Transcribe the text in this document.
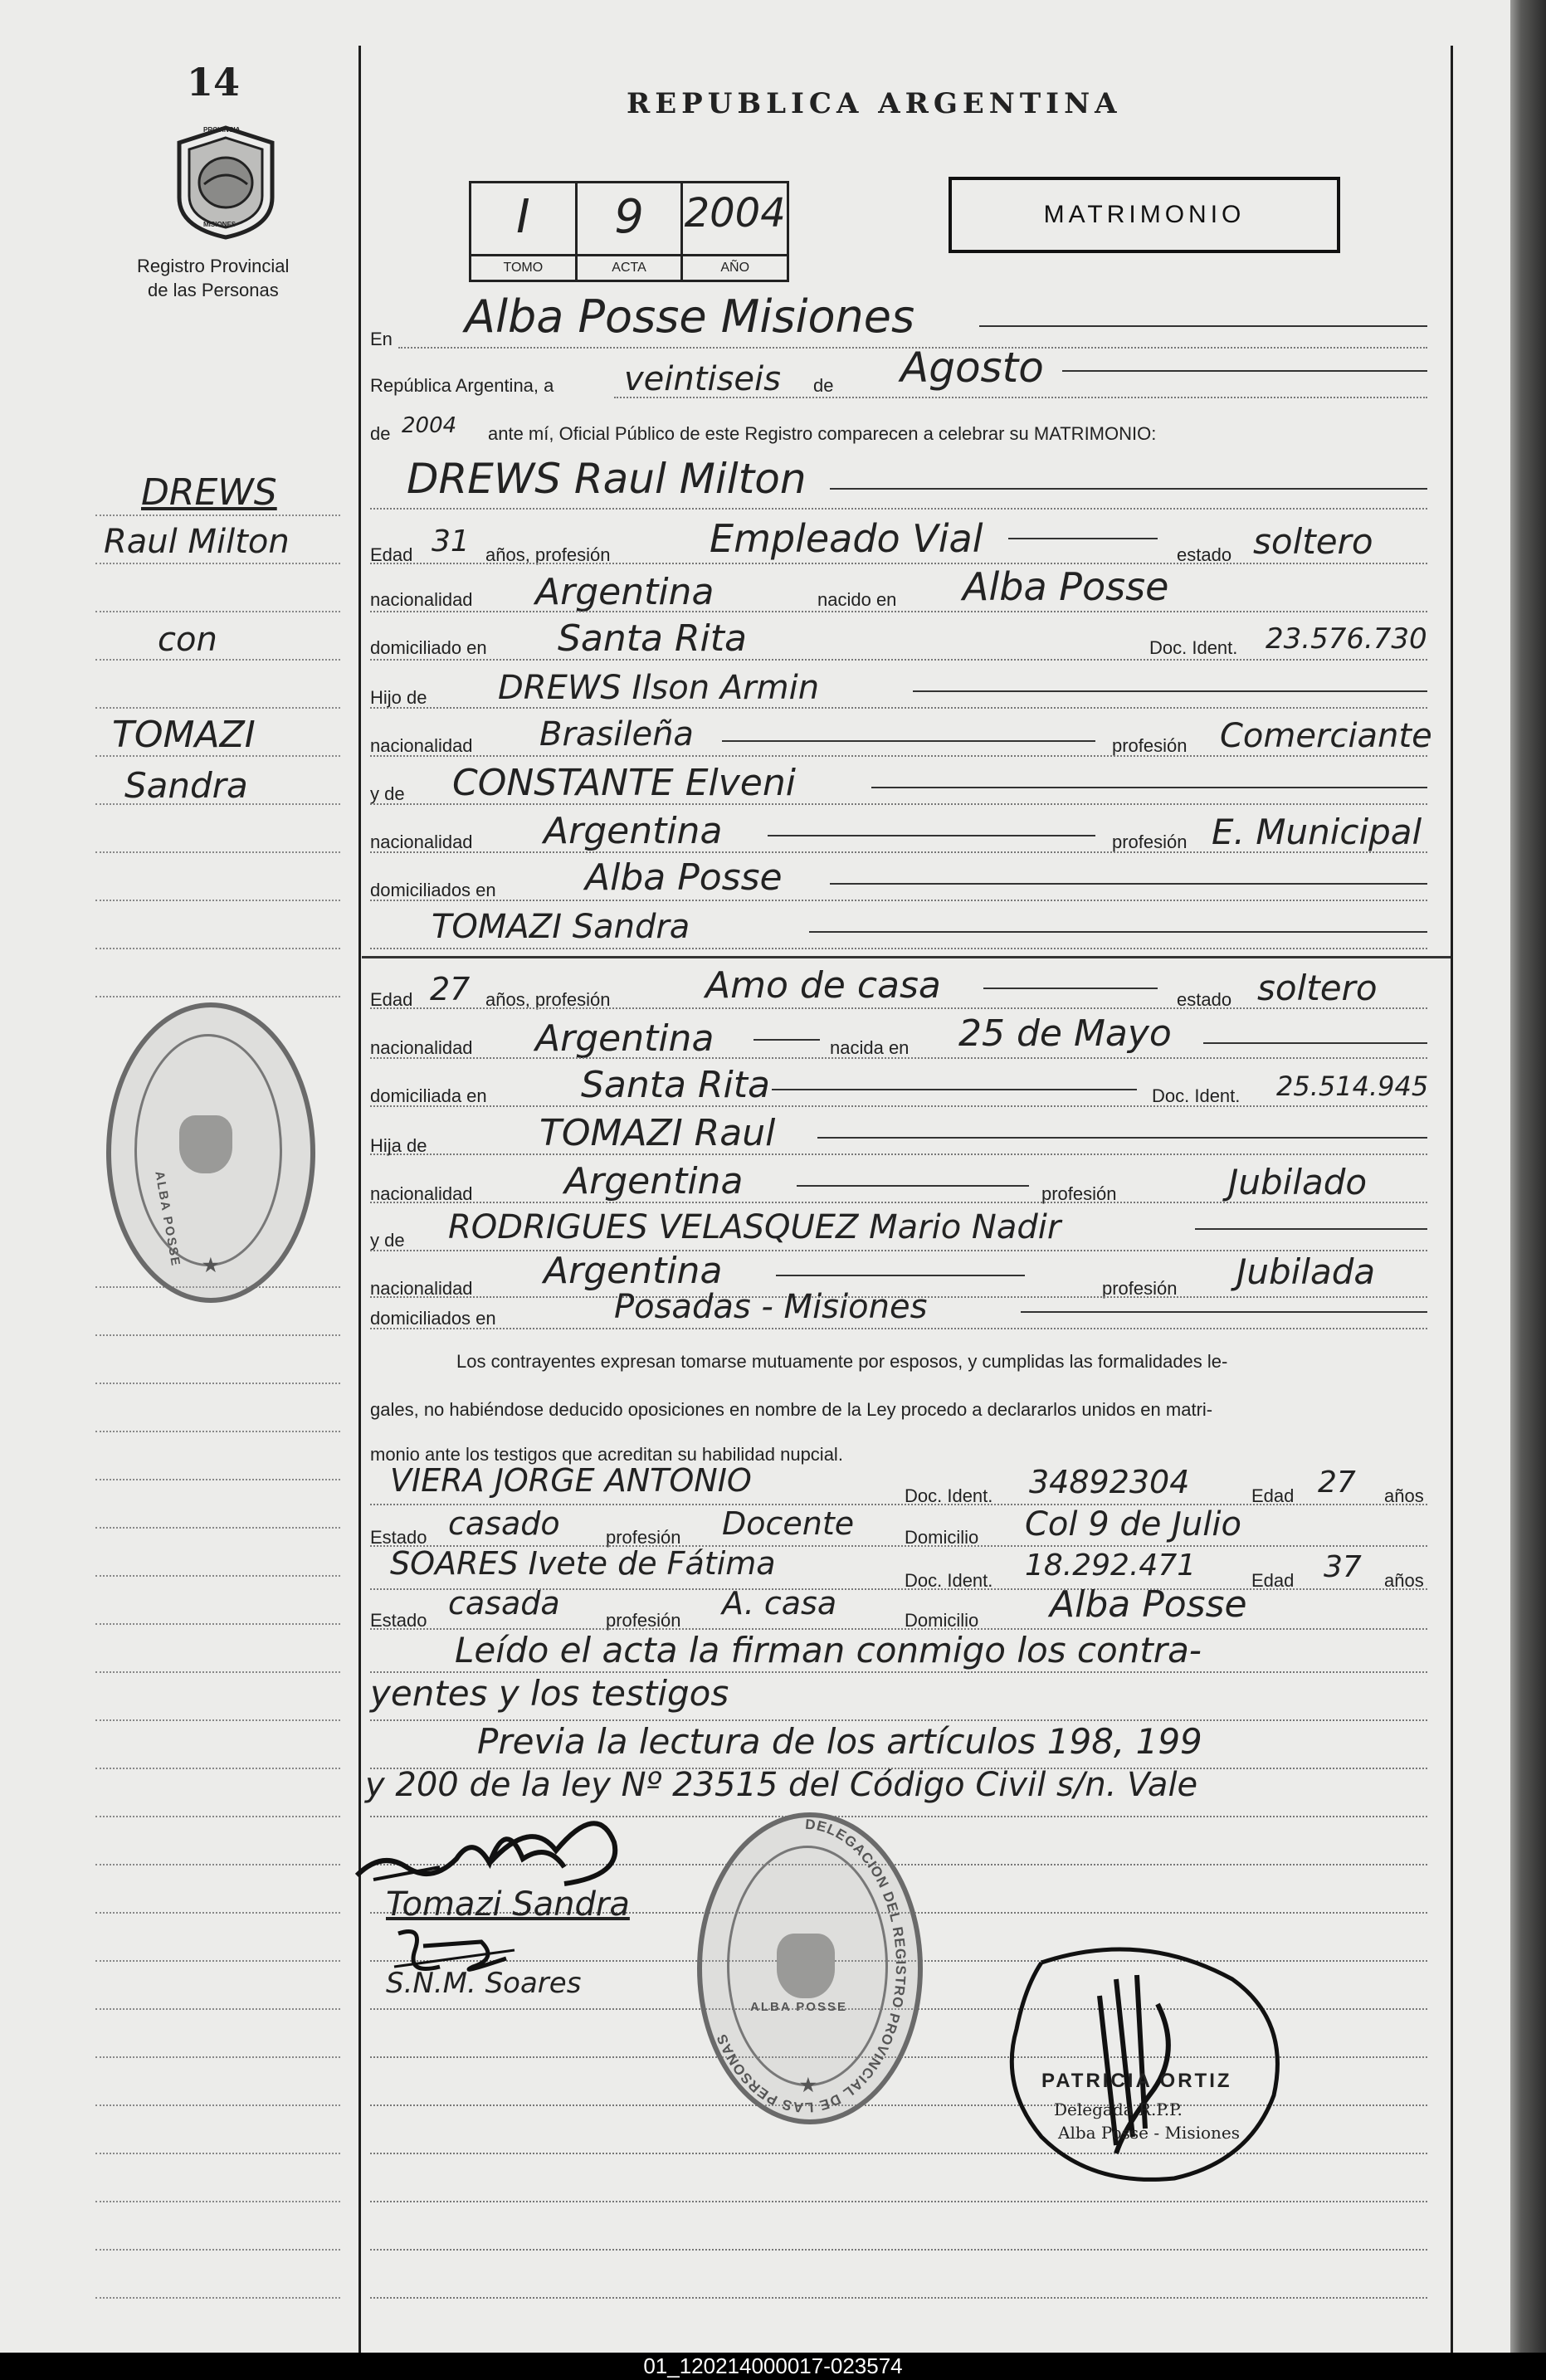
14
PROVINCIA
MISIONES
Registro Provincial
de las Personas
REPUBLICA ARGENTINA
I
TOMO
9
ACTA
2004
AÑO
MATRIMONIO
DREWS
Raul Milton
con
TOMAZI
Sandra
En Alba Posse Misiones
República Argentina, a veintiseis de Agosto
de 2004 ante mí, Oficial Público de este Registro comparecen a celebrar su MATRIMONIO:
DREWS Raul Milton
Edad 31 años, profesión	Empleado Vial	estado soltero
nacionalidad Argentina	nacido en Alba Posse
domiciliado en Santa Rita	Doc. Ident. 23.576.730
Hijo de DREWS Ilson Armin
nacionalidad Brasileña	profesión Comerciante
y de CONSTANTE Elveni
nacionalidad Argentina	profesión E. Municipal
domiciliados en Alba Posse
TOMAZI Sandra
Edad 27 años, profesión	Amo de casa	estado soltero
nacionalidad Argentina	nacida en 25 de Mayo
domiciliada en	Santa Rita	Doc. Ident. 25.514.945
Hija de	TOMAZI Raul
nacionalidad	Argentina	profesión	Jubilado
y de RODRIGUES VELASQUEZ Mario Nadir
nacionalidad Argentina	profesión Jubilada
domiciliados en	Posadas - Misiones
Los contrayentes expresan tomarse mutuamente por esposos, y cumplidas las formalidades le-
gales, no habiéndose deducido oposiciones en nombre de la Ley procedo a declararlos unidos en matri-
monio ante los testigos que acreditan su habilidad nupcial.
VIERA JORGE ANTONIO	Doc. Ident. 34892304	Edad 27 años
Estado casado	profesión Docente	Domicilio Col 9 de Julio
SOARES Ivete de Fátima	Doc. Ident. 18.292.471	Edad 37 años
Estado casada	profesión A. casa	Domicilio Alba Posse
Leído el acta la firman conmigo los contra-
yentes y los testigos
Previa la lectura de los artículos 198, 199
y 200 de la ley Nº 23515 del Código Civil s/n. Vale
Tomazi Sandra
S.N.M. Soares
ALBA POSSE ★
DELEGACION DEL REGISTRO PROVINCIAL DE LAS PERSONAS
ALBA POSSE
★	PATRICIA ORTIZ
Delegada R.P.P.
Alba Posse - Misiones
01_120214000017-023574
